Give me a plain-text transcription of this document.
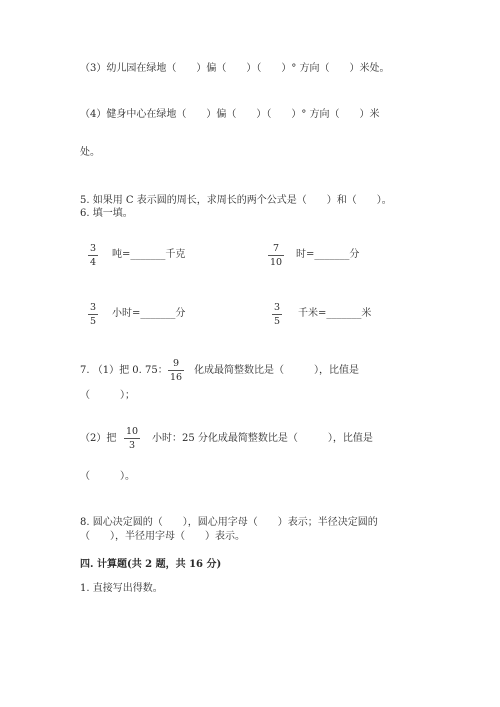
（3）幼儿园在绿地（　　）偏（　　）（　　）° 方向（　　）米处。
（4）健身中心在绿地（　　）偏（　　）（　　）° 方向（　　）米
处。
5. 如果用 C 表示圆的周长，求周长的两个公式是（　　）和（　　）。
6. 填一填。
3
4
吨=_______千克
7
10
时=_______分
3
5
小时=_______分
3
5
千米=_______米
7. （1）把 0. 75：
9
16
化成最简整数比是（　　　），比值是
（　　　）；
（2）把
10
3
小时：25 分化成最简整数比是（　　　），比值是
（　　　）。
8. 圆心决定圆的（　　），圆心用字母（　　）表示；半径决定圆的
（　　），半径用字母（　　）表示。
四. 计算题(共 2 题，共 16 分)
1. 直接写出得数。
